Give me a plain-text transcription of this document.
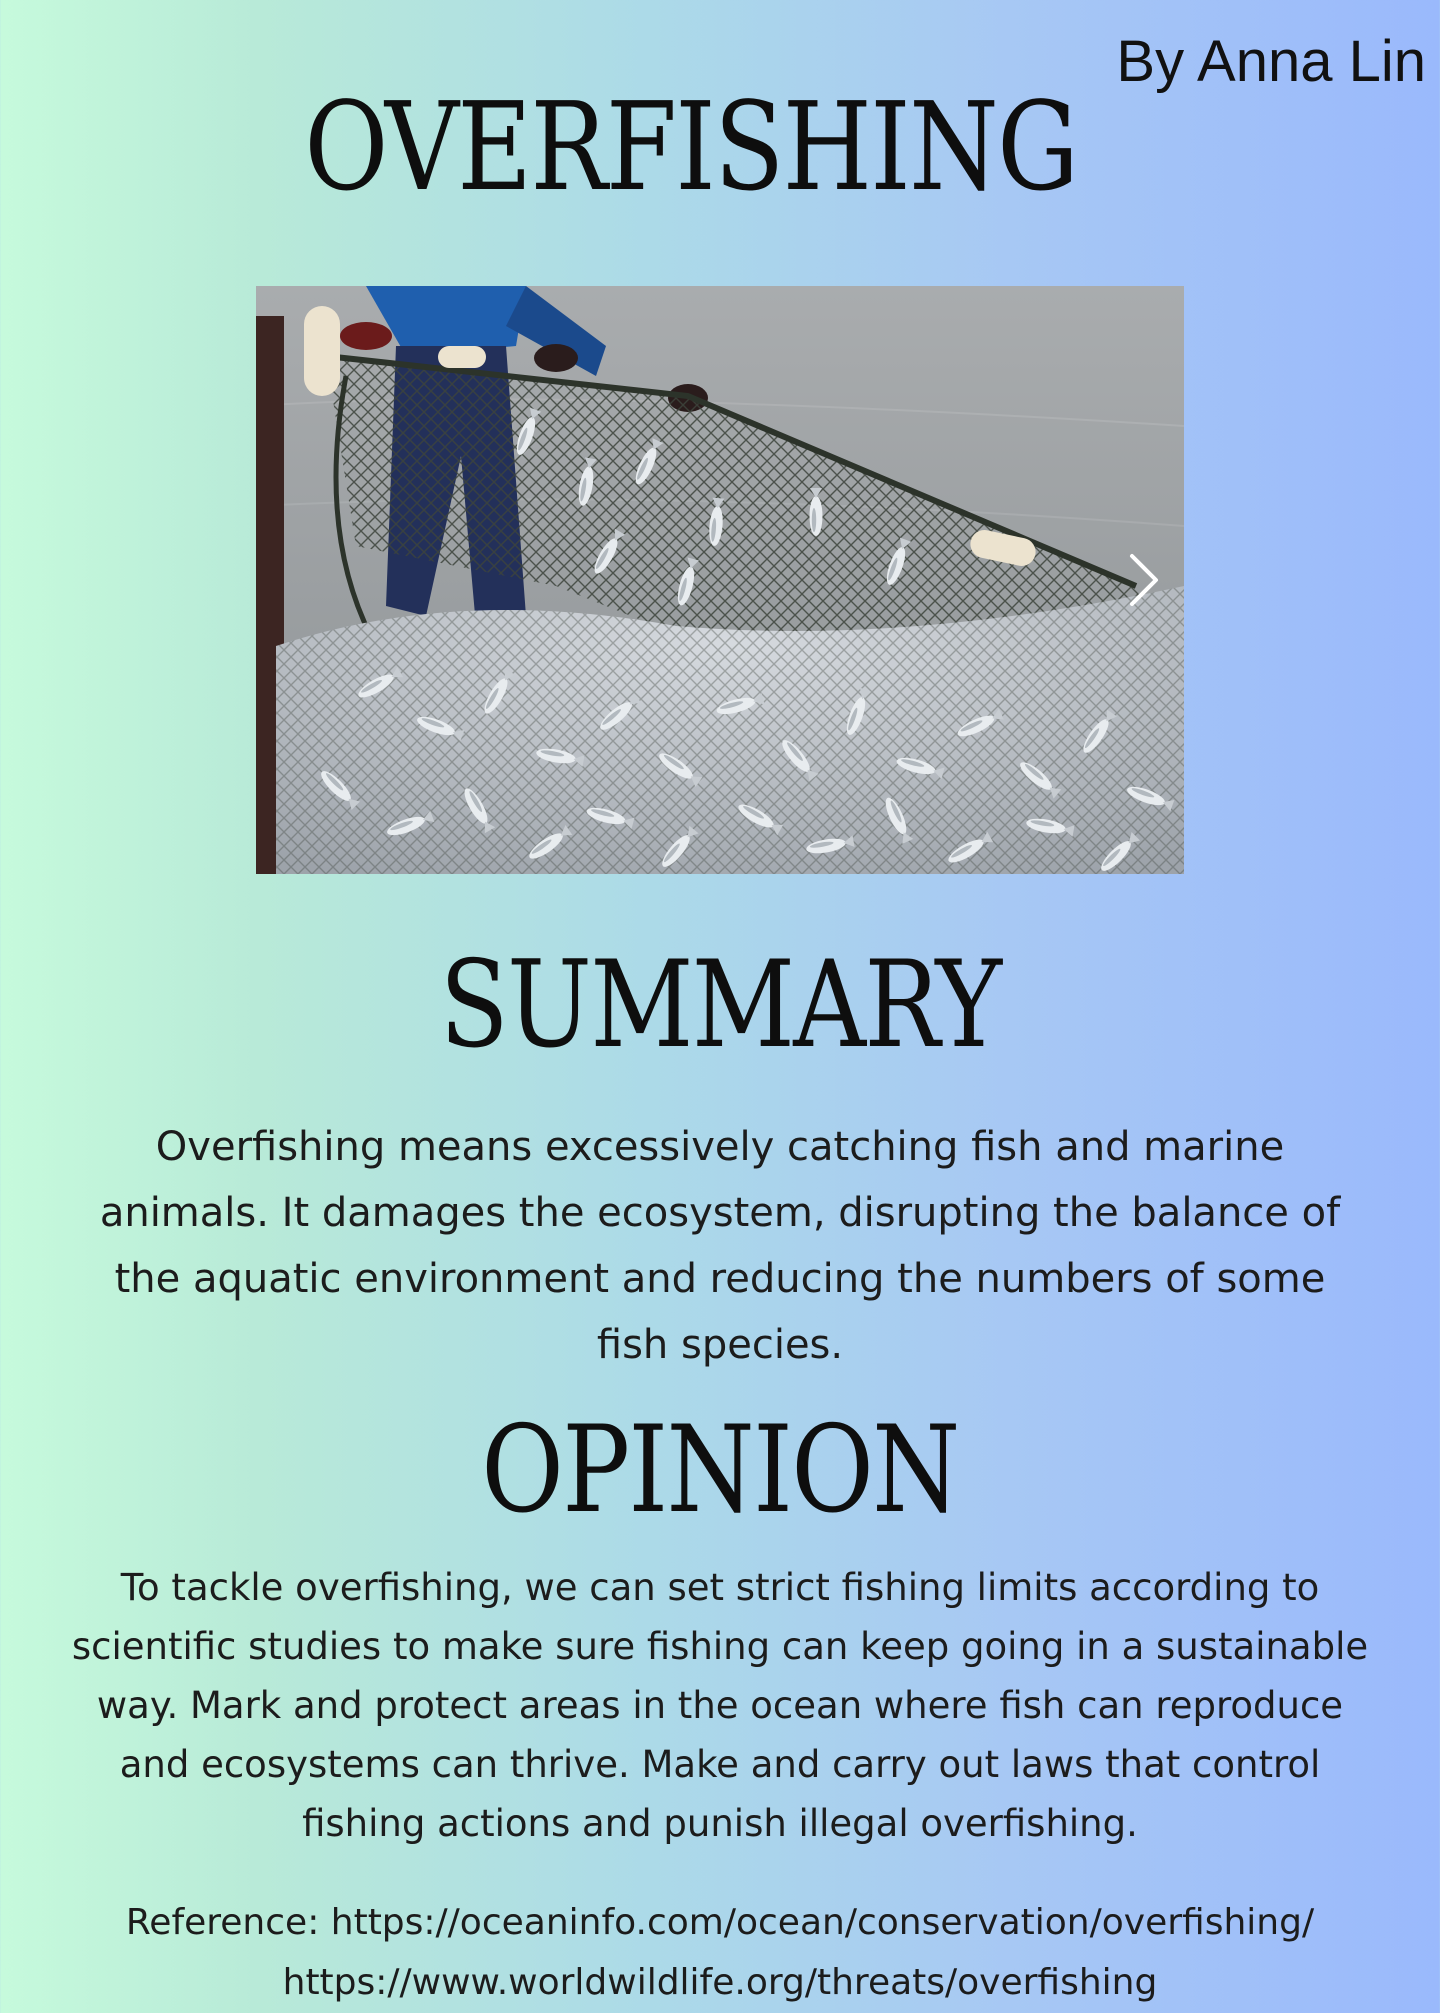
By Anna Lin
OVERFISHING
SUMMARY
Overfishing means excessively catching fish and marine animals. It damages the ecosystem, disrupting the balance of the aquatic environment and reducing the numbers of some fish species.
OPINION
To tackle overfishing, we can set strict fishing limits according to scientific studies to make sure fishing can keep going in a sustainable way. Mark and protect areas in the ocean where fish can reproduce and ecosystems can thrive. Make and carry out laws that control fishing actions and punish illegal overfishing.
Reference: https://oceaninfo.com/ocean/conservation/overfishing/
https://www.worldwildlife.org/threats/overfishing
